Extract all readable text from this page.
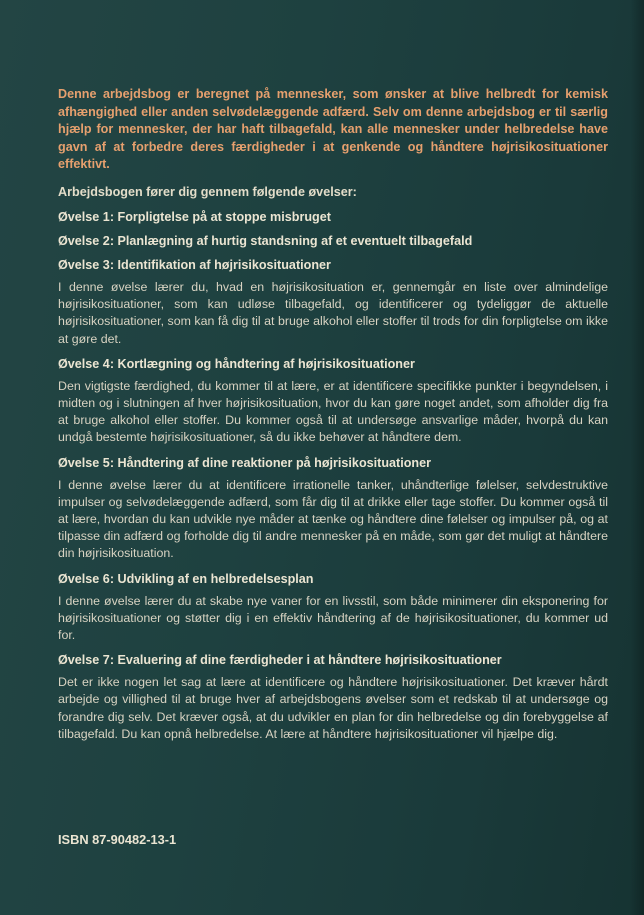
Denne arbejdsbog er beregnet på mennesker, som ønsker at blive helbredt for kemisk afhængighed eller anden selvødelæggende adfærd. Selv om denne arbejdsbog er til særlig hjælp for mennesker, der har haft tilbagefald, kan alle mennesker under helbredelse have gavn af at forbedre deres færdigheder i at genkende og håndtere højrisikosituationer effektivt.

Arbejdsbogen fører dig gennem følgende øvelser:

Øvelse 1: Forpligtelse på at stoppe misbruget

Øvelse 2: Planlægning af hurtig standsning af et eventuelt tilbagefald

Øvelse 3: Identifikation af højrisikosituationer

I denne øvelse lærer du, hvad en højrisikosituation er, gennemgår en liste over almindelige højrisikosituationer, som kan udløse tilbagefald, og identificerer og tydeliggør de aktuelle højrisikosituationer, som kan få dig til at bruge alkohol eller stoffer til trods for din forpligtelse om ikke at gøre det.

Øvelse 4: Kortlægning og håndtering af højrisikosituationer

Den vigtigste færdighed, du kommer til at lære, er at identificere specifikke punkter i begyndelsen, i midten og i slutningen af hver højrisikosituation, hvor du kan gøre noget andet, som afholder dig fra at bruge alkohol eller stoffer. Du kommer også til at undersøge ansvarlige måder, hvorpå du kan undgå bestemte højrisikosituationer, så du ikke behøver at håndtere dem.

Øvelse 5: Håndtering af dine reaktioner på højrisikosituationer

I denne øvelse lærer du at identificere irrationelle tanker, uhåndterlige følelser, selvdestruktive impulser og selvødelæggende adfærd, som får dig til at drikke eller tage stoffer. Du kommer også til at lære, hvordan du kan udvikle nye måder at tænke og håndtere dine følelser og impulser på, og at tilpasse din adfærd og forholde dig til andre mennesker på en måde, som gør det muligt at håndtere din højrisikosituation.

Øvelse 6: Udvikling af en helbredelsesplan

I denne øvelse lærer du at skabe nye vaner for en livsstil, som både minimerer din eksponering for højrisikosituationer og støtter dig i en effektiv håndtering af de højrisikosituationer, du kommer ud for.

Øvelse 7: Evaluering af dine færdigheder i at håndtere højrisikosituationer

Det er ikke nogen let sag at lære at identificere og håndtere højrisikosituationer. Det kræver hårdt arbejde og villighed til at bruge hver af arbejdsbogens øvelser som et redskab til at undersøge og forandre dig selv. Det kræver også, at du udvikler en plan for din helbredelse og din forebyggelse af tilbagefald. Du kan opnå helbredelse. At lære at håndtere højrisikosituationer vil hjælpe dig.

ISBN 87-90482-13-1
